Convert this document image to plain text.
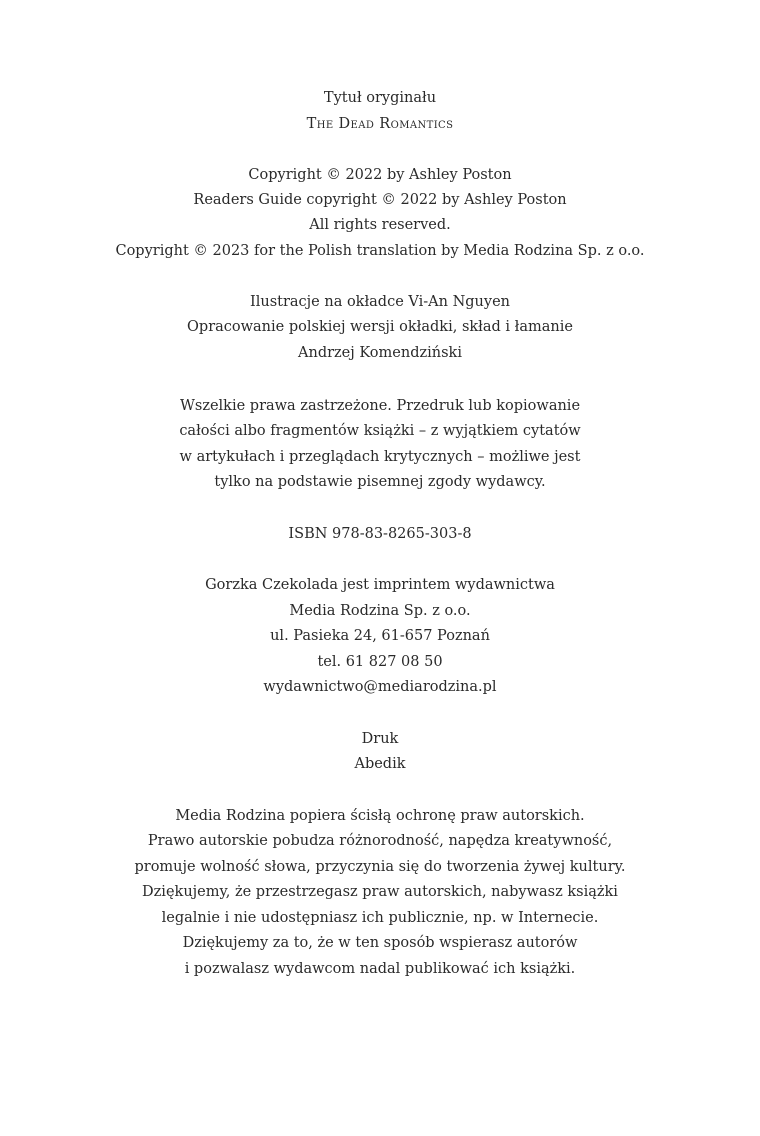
Tytuł oryginału
The Dead Romantics
Copyright © 2022 by Ashley Poston
Readers Guide copyright © 2022 by Ashley Poston
All rights reserved.
Copyright © 2023 for the Polish translation by Media Rodzina Sp. z o.o.
Ilustracje na okładce Vi-An Nguyen
Opracowanie polskiej wersji okładki, skład i łamanie
Andrzej Komendziński
Wszelkie prawa zastrzeżone. Przedruk lub kopiowanie
całości albo fragmentów książki – z wyjątkiem cytatów
w artykułach i przeglądach krytycznych – możliwe jest
tylko na podstawie pisemnej zgody wydawcy.
ISBN 978-83-8265-303-8
Gorzka Czekolada jest imprintem wydawnictwa
Media Rodzina Sp. z o.o.
ul. Pasieka 24, 61-657 Poznań
tel. 61 827 08 50
wydawnictwo@mediarodzina.pl
Druk
Abedik
Media Rodzina popiera ścisłą ochronę praw autorskich.
Prawo autorskie pobudza różnorodność, napędza kreatywność,
promuje wolność słowa, przyczynia się do tworzenia żywej kultury.
Dziękujemy, że przestrzegasz praw autorskich, nabywasz książki
legalnie i nie udostępniasz ich publicznie, np. w Internecie.
Dziękujemy za to, że w ten sposób wspierasz autorów
i pozwalasz wydawcom nadal publikować ich książki.
